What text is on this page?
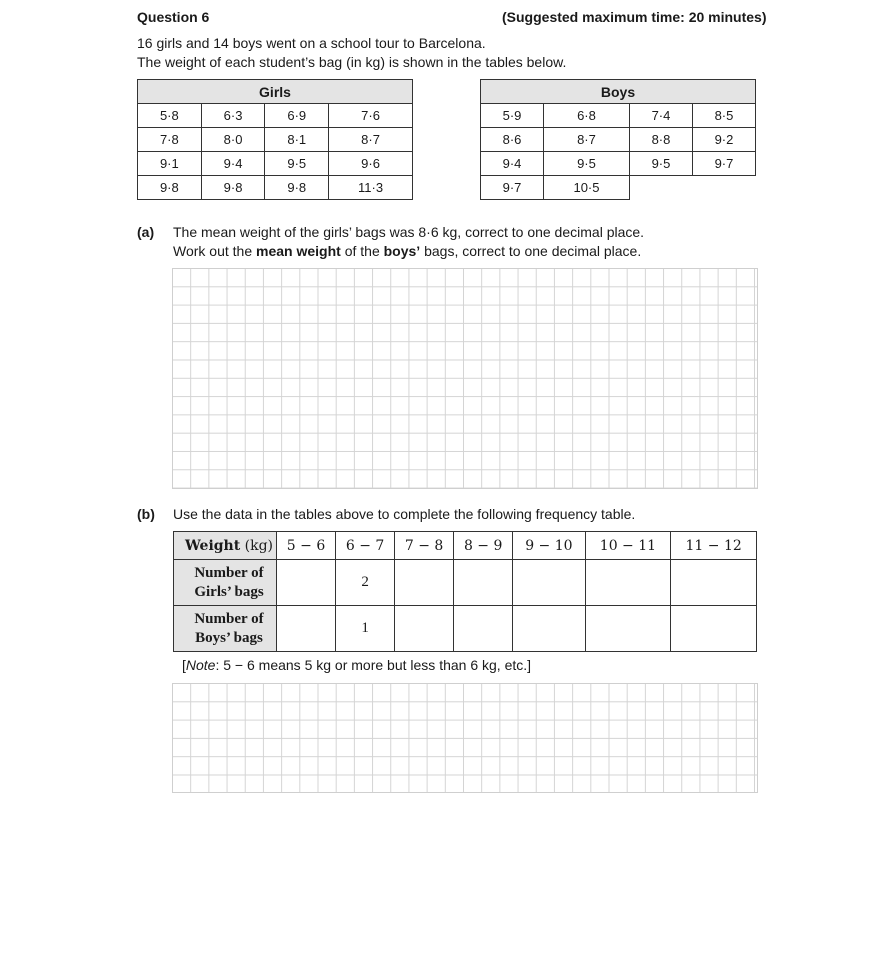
Question 6	(Suggested maximum time: 20 minutes)
16 girls and 14 boys went on a school tour to Barcelona.
The weight of each student’s bag (in kg) is shown in the tables below.
Girls			
5·8	6·3	6·9	7·6
7·8	8·0	8·1	8·7
9·1	9·4	9·5	9·6
9·8	9·8	9·8	11·3
Boys			
5·9	6·8	7·4	8·5
8·6	8·7	8·8	9·2
9·4	9·5	9·5	9·7
9·7	10·5		
(a) The mean weight of the girls’ bags was 8·6 kg, correct to one decimal place.
Work out the mean weight of the boys’ bags, correct to one decimal place.
(b) Use the data in the tables above to complete the following frequency table.
Weight (kg)	5 − 6	6 − 7	7 − 8	8 − 9	9 − 10	10 − 11	11 − 12
Number of
Girls’ bags		2					
Number of
Boys’ bags		1					
[Note: 5 − 6 means 5 kg or more but less than 6 kg, etc.]
